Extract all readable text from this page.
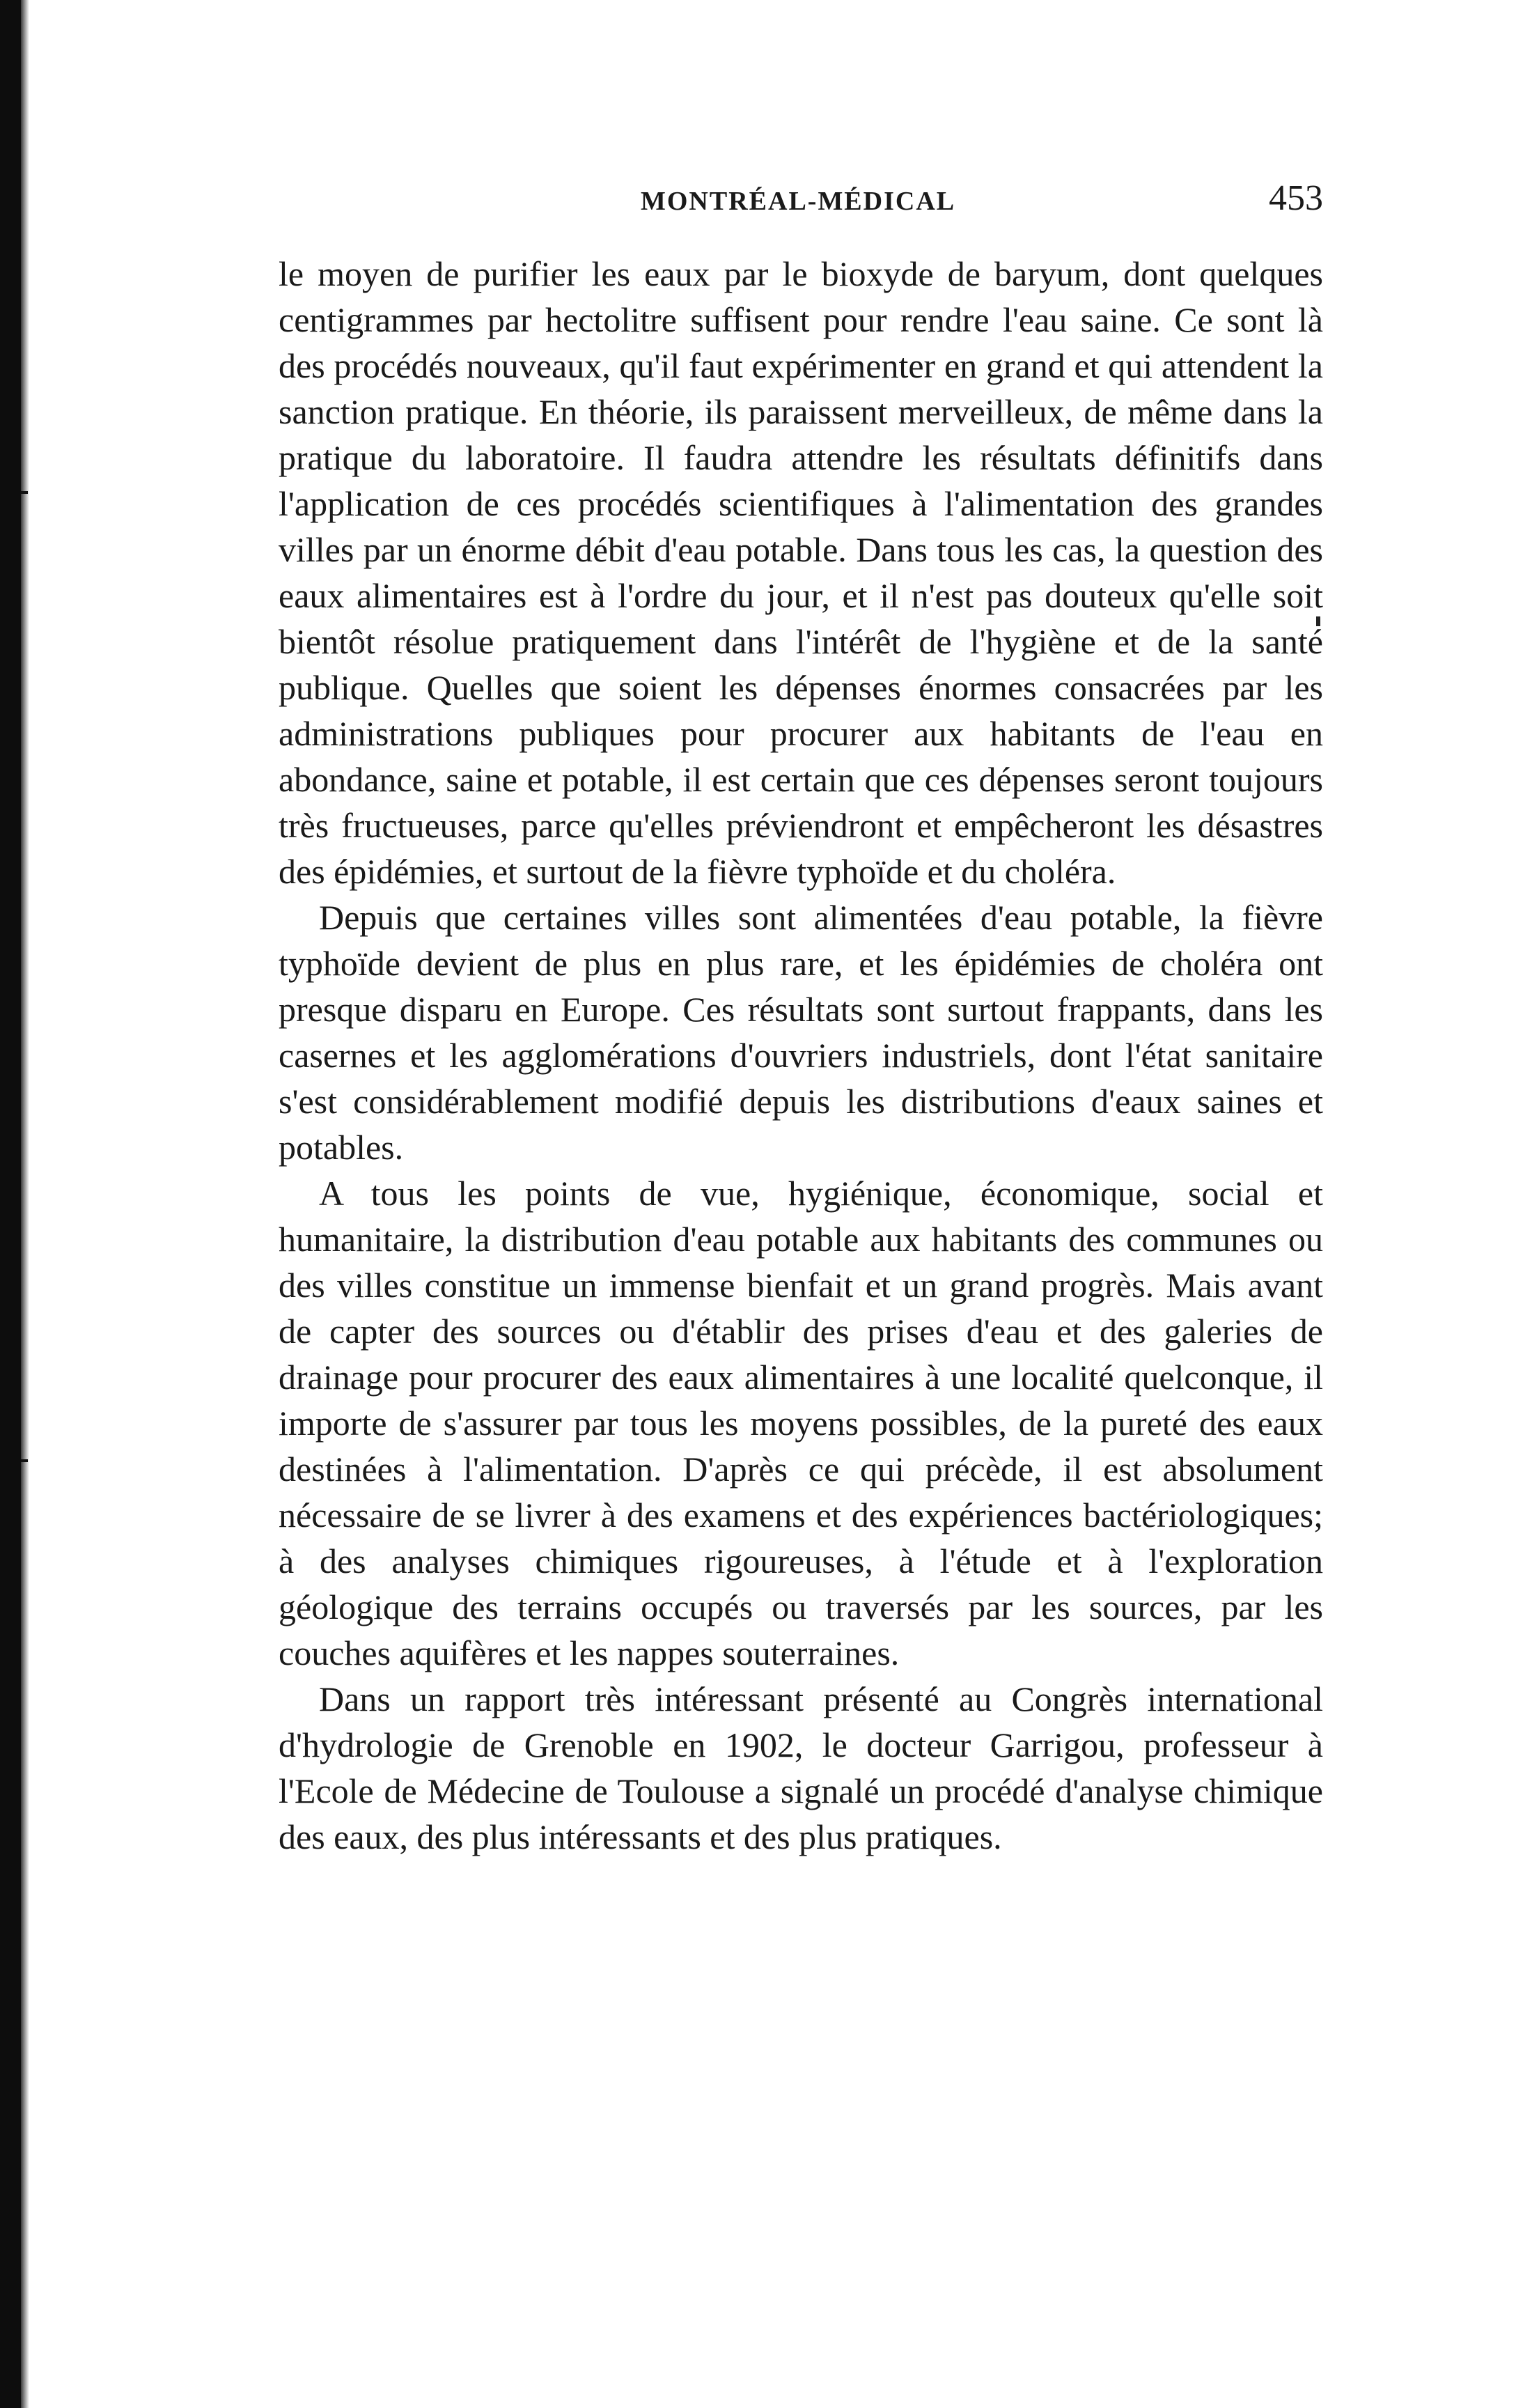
MONTRÉAL-MÉDICAL	453

le moyen de purifier les eaux par le bioxyde de baryum, dont quelques centigrammes par hectolitre suffisent pour rendre l'eau saine. Ce sont là des procédés nouveaux, qu'il faut expérimenter en grand et qui attendent la sanction pratique. En théorie, ils paraissent merveilleux, de même dans la pratique du laboratoire. Il faudra attendre les résultats définitifs dans l'application de ces procédés scientifiques à l'alimentation des grandes villes par un énorme débit d'eau potable. Dans tous les cas, la question des eaux alimentaires est à l'ordre du jour, et il n'est pas douteux qu'elle soit bientôt résolue pratiquement dans l'intérêt de l'hygiène et de la santé publique. Quelles que soient les dépenses énormes consacrées par les administrations publiques pour procurer aux habitants de l'eau en abondance, saine et potable, il est certain que ces dépenses seront toujours très fructueuses, parce qu'elles préviendront et empêcheront les désastres des épidémies, et surtout de la fièvre typhoïde et du choléra.

Depuis que certaines villes sont alimentées d'eau potable, la fièvre typhoïde devient de plus en plus rare, et les épidémies de choléra ont presque disparu en Europe. Ces résultats sont surtout frappants, dans les casernes et les agglomérations d'ouvriers industriels, dont l'état sanitaire s'est considérablement modifié depuis les distributions d'eaux saines et potables.

A tous les points de vue, hygiénique, économique, social et humanitaire, la distribution d'eau potable aux habitants des communes ou des villes constitue un immense bienfait et un grand progrès. Mais avant de capter des sources ou d'établir des prises d'eau et des galeries de drainage pour procurer des eaux alimentaires à une localité quelconque, il importe de s'assurer par tous les moyens possibles, de la pureté des eaux destinées à l'alimentation. D'après ce qui précède, il est absolument nécessaire de se livrer à des examens et des expériences bactériologiques; à des analyses chimiques rigoureuses, à l'étude et à l'exploration géologique des terrains occupés ou traversés par les sources, par les couches aquifères et les nappes souterraines.

Dans un rapport très intéressant présenté au Congrès international d'hydrologie de Grenoble en 1902, le docteur Garrigou, professeur à l'Ecole de Médecine de Toulouse a signalé un procédé d'analyse chimique des eaux, des plus intéressants et des plus pratiques.
